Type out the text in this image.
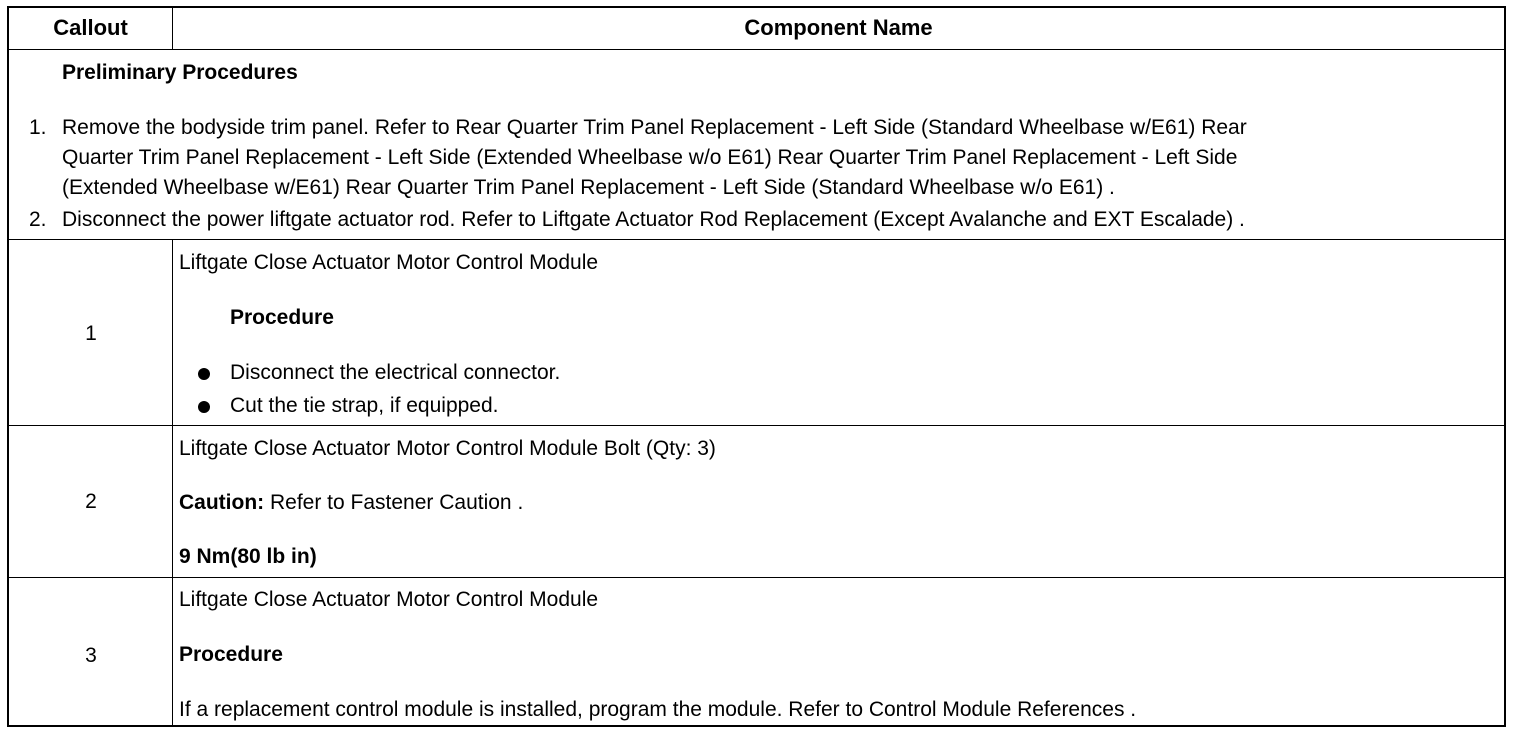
Callout	Component Name
Preliminary Procedures
1. Remove the bodyside trim panel. Refer to Rear Quarter Trim Panel Replacement - Left Side (Standard Wheelbase w/E61) Rear
Quarter Trim Panel Replacement - Left Side (Extended Wheelbase w/o E61) Rear Quarter Trim Panel Replacement - Left Side
(Extended Wheelbase w/E61) Rear Quarter Trim Panel Replacement - Left Side (Standard Wheelbase w/o E61) .
2. Disconnect the power liftgate actuator rod. Refer to Liftgate Actuator Rod Replacement (Except Avalanche and EXT Escalade) .
1
Liftgate Close Actuator Motor Control Module
Procedure
Disconnect the electrical connector.
Cut the tie strap, if equipped.
2
Liftgate Close Actuator Motor Control Module Bolt (Qty: 3)
Caution: Refer to Fastener Caution .
9 Nm(80 lb in)
3
Liftgate Close Actuator Motor Control Module
Procedure
If a replacement control module is installed, program the module. Refer to Control Module References .
